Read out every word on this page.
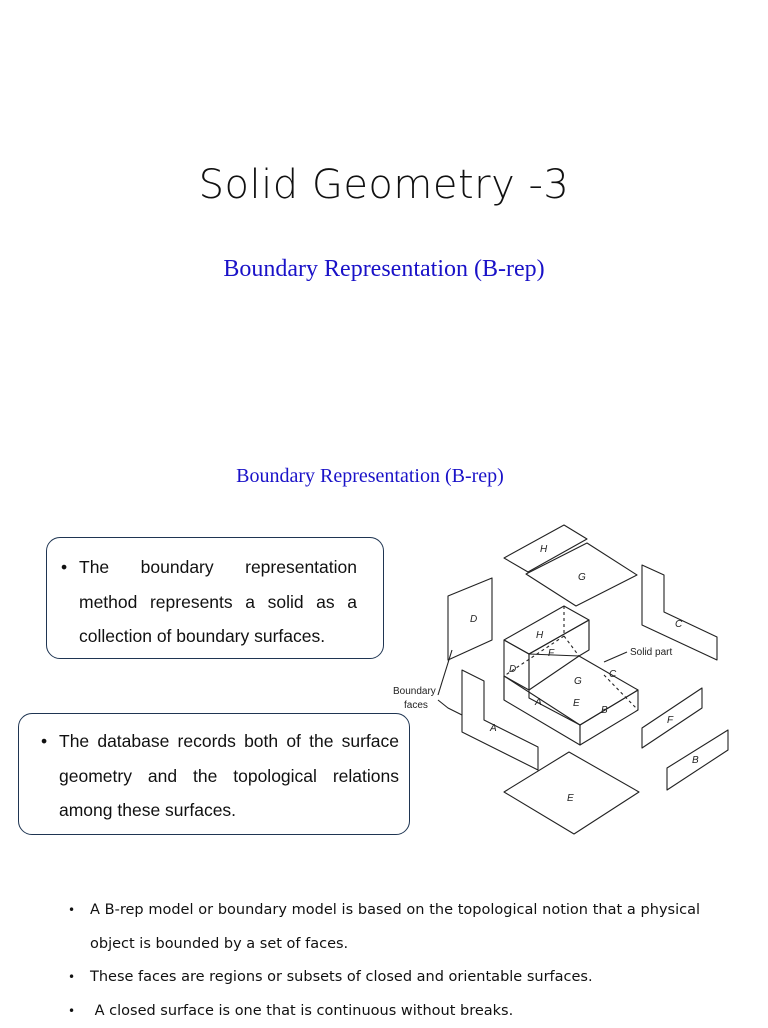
Solid Geometry -3
Boundary Representation (B-rep)
Boundary Representation (B-rep)
• The boundary representation method represents a solid as a collection of boundary surfaces.
• The database records both of the surface geometry and the topological relations among these surfaces.
H
G
D	C
H
F
D
G
C
A	E
B
A
F
B
E
Solid part
Boundary
faces
• A B-rep model or boundary model is based on the topological notion that a physical object is bounded by a set of faces.
• These faces are regions or subsets of closed and orientable surfaces.
•  A closed surface is one that is continuous without breaks.
